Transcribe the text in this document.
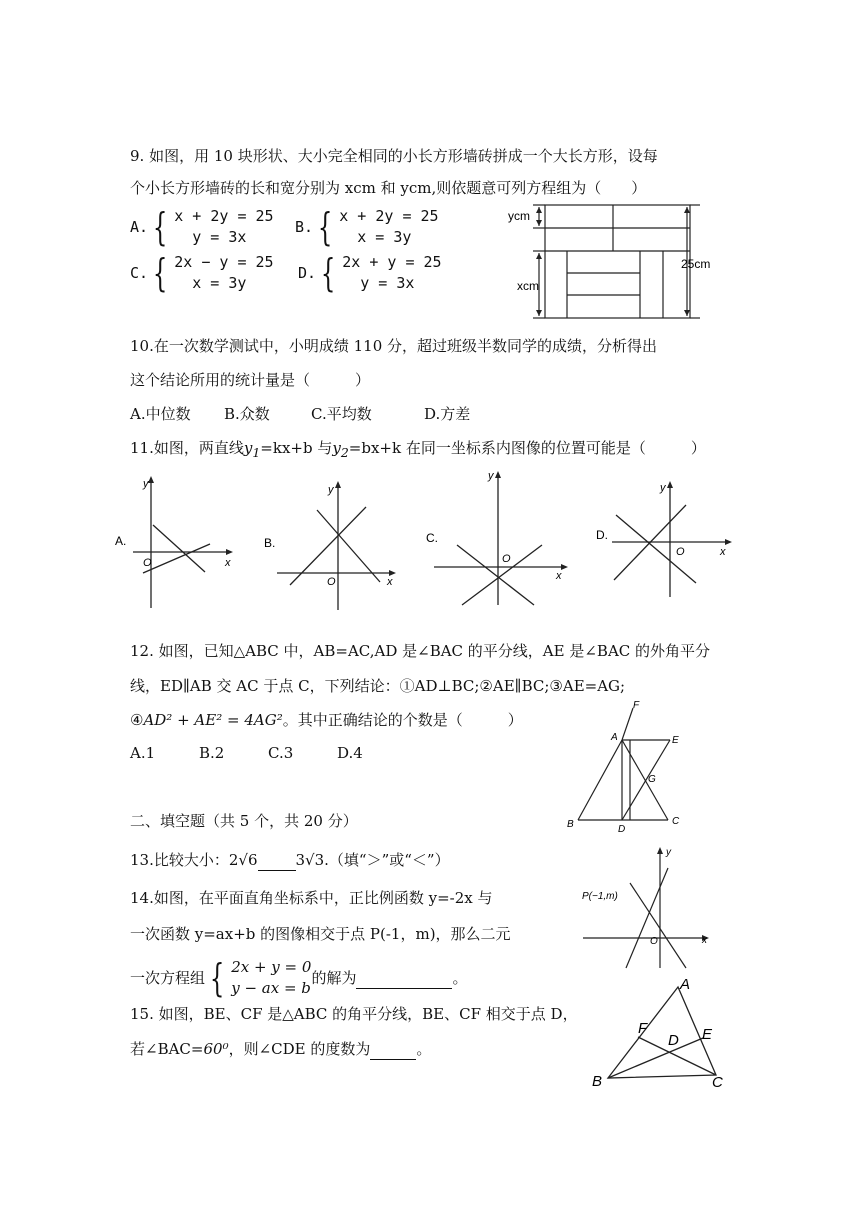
9. 如图，用 10 块形状、大小完全相同的小长方形墙砖拼成一个大长方形，设每
个小长方形墙砖的长和宽分别为 xcm 和 ycm,则依题意可列方程组为（　　）
A. { x + 2y = 25
y = 3x
B. { x + 2y = 25
x = 3y
C. { 2x − y = 25
x = 3y
D. { 2x + y = 25
y = 3x
ycm
xcm
25cm
10.在一次数学测试中，小明成绩 110 分，超过班级半数同学的成绩，分析得出
这个结论所用的统计量是（　　　）
A.中位数 B.众数	C.平均数	D.方差
11.如图，两直线$y_1=kx+b$ 与$y_2=bx+k$ 在同一坐标系内图像的位置可能是（　　　）
A.
O	x
y
B.
O	x
y
C.
O
x
y
D.
O	x
y
12. 如图，已知△ABC 中，AB=AC,AD 是∠BAC 的平分线，AE 是∠BAC 的外角平分
线，ED∥AB 交 AC 于点 C，下列结论：①AD⊥BC;②AE∥BC;③AE=AG;
④AD² + AE² = 4AG²。其中正确结论的个数是（　　　）
A.1	B.2	C.3	D.4
F
A	E
G
B	D
C
二、填空题（共 5 个，共 20 分）
13.比较大小：2√6	3√3.（填“＞”或“＜”）
14.如图，在平面直角坐标系中，正比例函数 y=-2x 与
一次函数 y=ax+b 的图像相交于点 P(-1，m)，那么二元
一次方程组 { 2x + y = 0
y − ax = b
的解为	。
P(−1,m)
O	x
y
15. 如图，BE、CF 是△ABC 的角平分线，BE、CF 相交于点 D，
若∠BAC=60⁰，则∠CDE 的度数为	。
A
F
D E
B	C
